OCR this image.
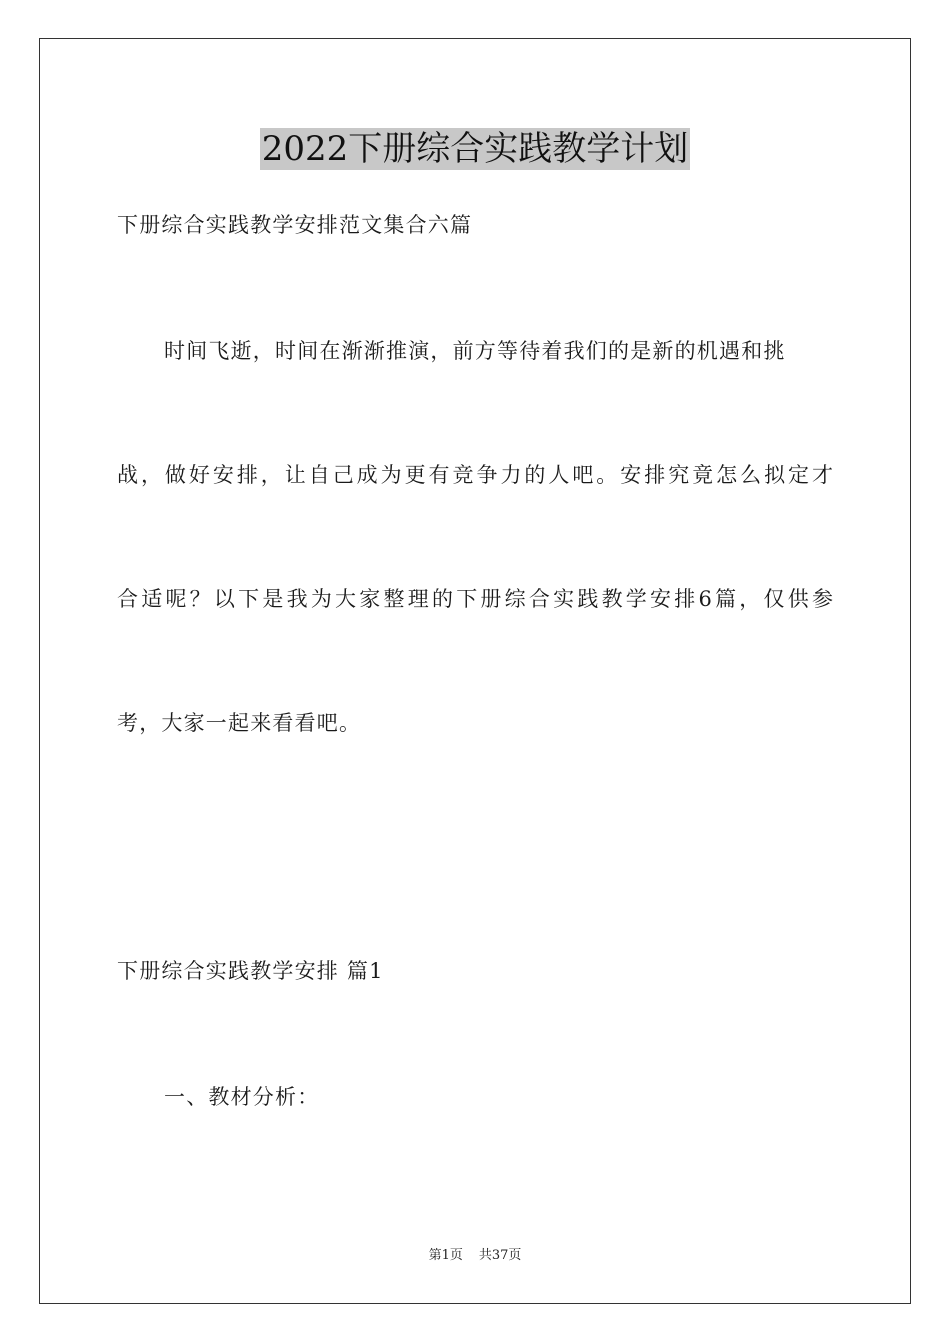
2022下册综合实践教学计划
下册综合实践教学安排范文集合六篇
时间飞逝，时间在渐渐推演，前方等待着我们的是新的机遇和挑
战，做好安排，让自己成为更有竞争力的人吧。安排究竟怎么拟定才
合适呢？以下是我为大家整理的下册综合实践教学安排6篇，仅供参
考，大家一起来看看吧。
下册综合实践教学安排 篇1
一、教材分析：
第1页 共37页
